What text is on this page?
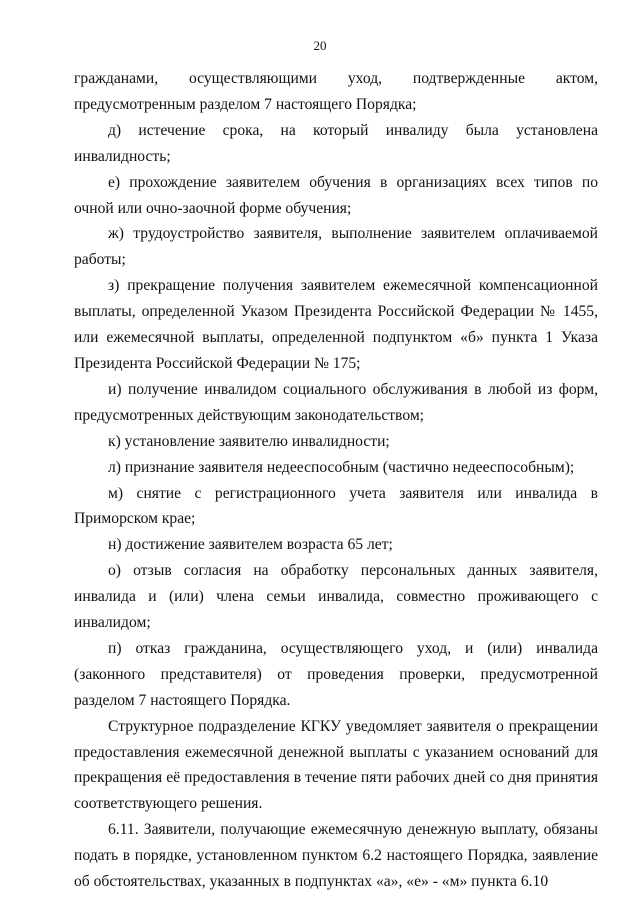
20

гражданами, осуществляющими уход, подтвержденные актом, предусмотренным разделом 7 настоящего Порядка;

д) истечение срока, на который инвалиду была установлена инвалидность;

е) прохождение заявителем обучения в организациях всех типов по очной или очно-заочной форме обучения;

ж) трудоустройство заявителя, выполнение заявителем оплачиваемой работы;

з) прекращение получения заявителем ежемесячной компенсационной выплаты, определенной Указом Президента Российской Федерации № 1455, или ежемесячной выплаты, определенной подпунктом «б» пункта 1 Указа Президента Российской Федерации № 175;

и) получение инвалидом социального обслуживания в любой из форм, предусмотренных действующим законодательством;

к) установление заявителю инвалидности;

л) признание заявителя недееспособным (частично недееспособным);

м) снятие с регистрационного учета заявителя или инвалида в Приморском крае;

н) достижение заявителем возраста 65 лет;

о) отзыв согласия на обработку персональных данных заявителя, инвалида и (или) члена семьи инвалида, совместно проживающего с инвалидом;

п) отказ гражданина, осуществляющего уход, и (или) инвалида (законного представителя) от проведения проверки, предусмотренной разделом 7 настоящего Порядка.

Структурное подразделение КГКУ уведомляет заявителя о прекращении предоставления ежемесячной денежной выплаты с указанием оснований для прекращения её предоставления в течение пяти рабочих дней со дня принятия соответствующего решения.

6.11. Заявители, получающие ежемесячную денежную выплату, обязаны подать в порядке, установленном пунктом 6.2 настоящего Порядка, заявление об обстоятельствах, указанных в подпунктах «а», «е» - «м» пункта 6.10
